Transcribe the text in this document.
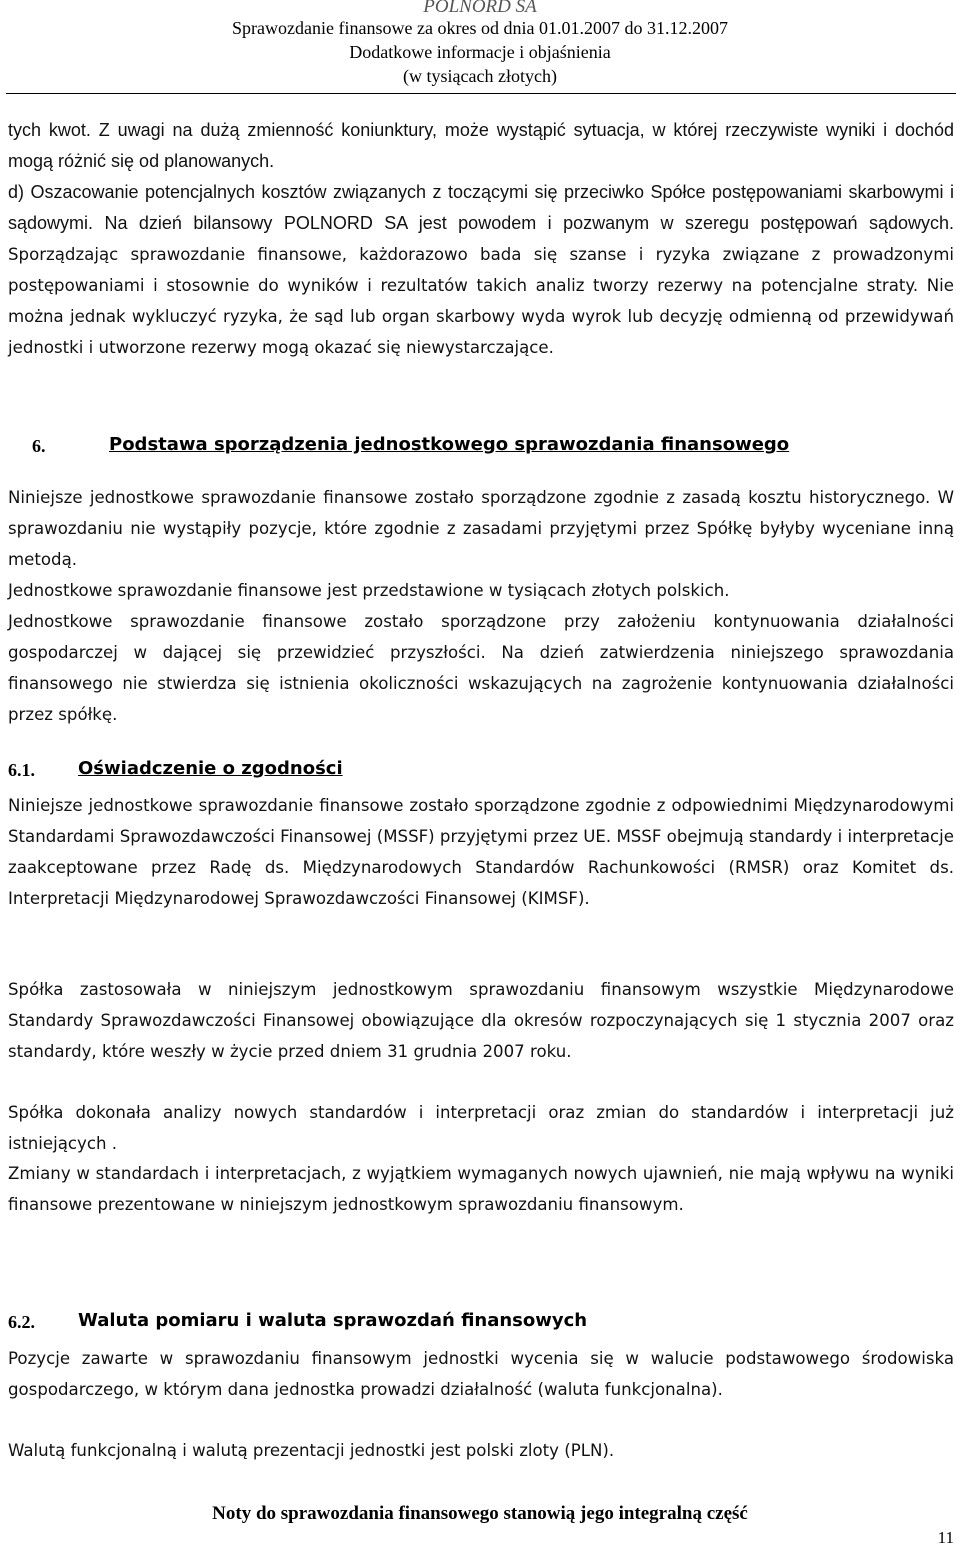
POLNORD SA
Sprawozdanie finansowe za okres od dnia 01.01.2007 do 31.12.2007
Dodatkowe informacje i objaśnienia
(w tysiącach złotych)

tych kwot. Z uwagi na dużą zmienność koniunktury, może wystąpić sytuacja, w której rzeczywiste wyniki i dochód mogą różnić się od planowanych.

d) Oszacowanie potencjalnych kosztów związanych z toczącymi się przeciwko Spółce postępowaniami skarbowymi i sądowymi. Na dzień bilansowy POLNORD SA jest powodem i pozwanym w szeregu postępowań sądowych. Sporządzając sprawozdanie finansowe, każdorazowo bada się szanse i ryzyka związane z prowadzonymi postępowaniami i stosownie do wyników i rezultatów takich analiz tworzy rezerwy na potencjalne straty. Nie można jednak wykluczyć ryzyka, że sąd lub organ skarbowy wyda wyrok lub decyzję odmienną od przewidywań jednostki i utworzone rezerwy mogą okazać się niewystarczające.

6.	Podstawa sporządzenia jednostkowego sprawozdania finansowego

Niniejsze jednostkowe sprawozdanie finansowe zostało sporządzone zgodnie z zasadą kosztu historycznego. W sprawozdaniu nie wystąpiły pozycje, które zgodnie z zasadami przyjętymi przez Spółkę byłyby wyceniane inną metodą.

Jednostkowe sprawozdanie finansowe jest przedstawione w tysiącach złotych polskich.

Jednostkowe sprawozdanie finansowe zostało sporządzone przy założeniu kontynuowania działalności gospodarczej w dającej się przewidzieć przyszłości. Na dzień zatwierdzenia niniejszego sprawozdania finansowego nie stwierdza się istnienia okoliczności wskazujących na zagrożenie kontynuowania działalności przez spółkę.

6.1. Oświadczenie o zgodności

Niniejsze jednostkowe sprawozdanie finansowe zostało sporządzone zgodnie z odpowiednimi Międzynarodowymi Standardami Sprawozdawczości Finansowej (MSSF) przyjętymi przez UE. MSSF obejmują standardy i interpretacje zaakceptowane przez Radę ds. Międzynarodowych Standardów Rachunkowości (RMSR) oraz Komitet ds. Interpretacji Międzynarodowej Sprawozdawczości Finansowej (KIMSF).

Spółka zastosowała w niniejszym jednostkowym sprawozdaniu finansowym wszystkie Międzynarodowe Standardy Sprawozdawczości Finansowej obowiązujące dla okresów rozpoczynających się 1 stycznia 2007 oraz standardy, które weszły w życie przed dniem 31 grudnia 2007 roku.

Spółka dokonała analizy nowych standardów i interpretacji oraz zmian do standardów i interpretacji już istniejących .

Zmiany w standardach i interpretacjach, z wyjątkiem wymaganych nowych ujawnień, nie mają wpływu na wyniki finansowe prezentowane w niniejszym jednostkowym sprawozdaniu finansowym.

6.2. Waluta pomiaru i waluta sprawozdań finansowych

Pozycje zawarte w sprawozdaniu finansowym jednostki wycenia się w walucie podstawowego środowiska gospodarczego, w którym dana jednostka prowadzi działalność (waluta funkcjonalna).

Walutą funkcjonalną i walutą prezentacji jednostki jest polski zloty (PLN).

Noty do sprawozdania finansowego stanowią jego integralną część
11
